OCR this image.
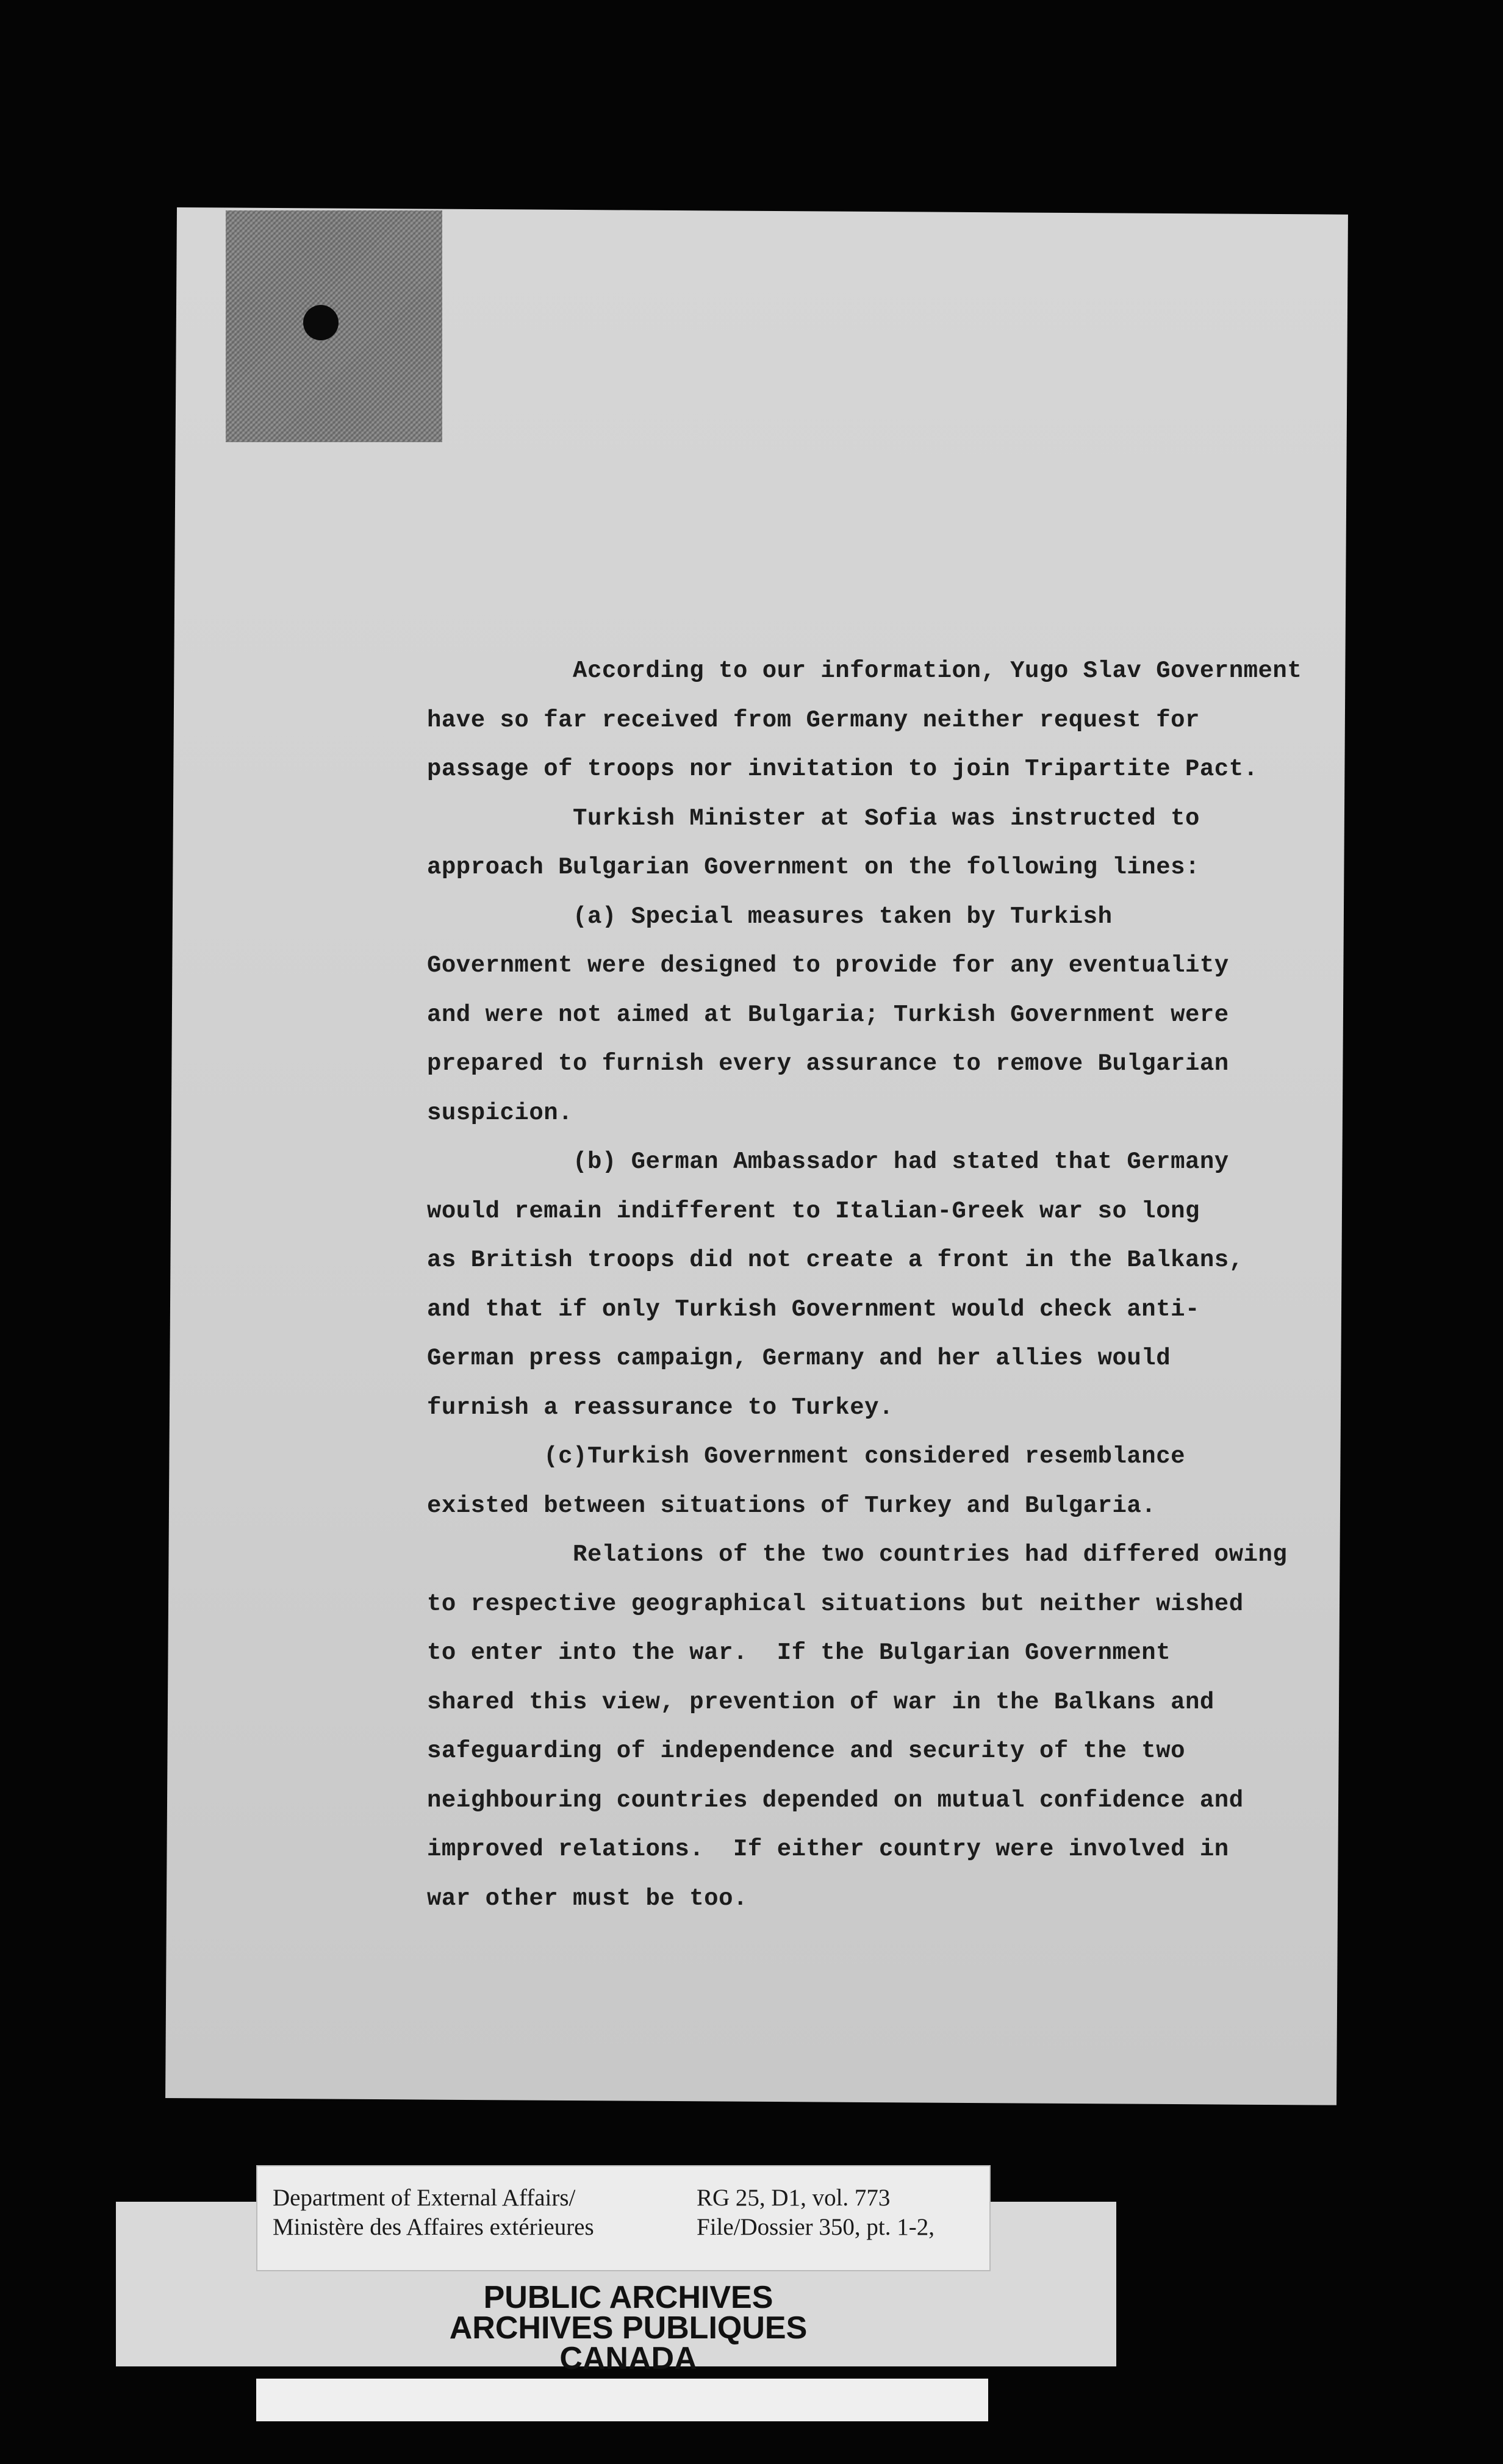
According to our information, Yugo Slav Government
have so far received from Germany neither request for
passage of troops nor invitation to join Tripartite Pact.
Turkish Minister at Sofia was instructed to
approach Bulgarian Government on the following lines:
(a) Special measures taken by Turkish
Government were designed to provide for any eventuality
and were not aimed at Bulgaria; Turkish Government were
prepared to furnish every assurance to remove Bulgarian
suspicion.
(b) German Ambassador had stated that Germany
would remain indifferent to Italian-Greek war so long
as British troops did not create a front in the Balkans,
and that if only Turkish Government would check anti-
German press campaign, Germany and her allies would
furnish a reassurance to Turkey.
(c)Turkish Government considered resemblance
existed between situations of Turkey and Bulgaria.
Relations of the two countries had differed owing
to respective geographical situations but neither wished
to enter into the war.  If the Bulgarian Government
shared this view, prevention of war in the Balkans and
safeguarding of independence and security of the two
neighbouring countries depended on mutual confidence and
improved relations.  If either country were involved in
war other must be too.
Department of External Affairs/
Ministère des Affaires extérieures
RG 25, D1, vol. 773
File/Dossier 350, pt. 1-2,
PUBLIC ARCHIVES
ARCHIVES PUBLIQUES
CANADA
